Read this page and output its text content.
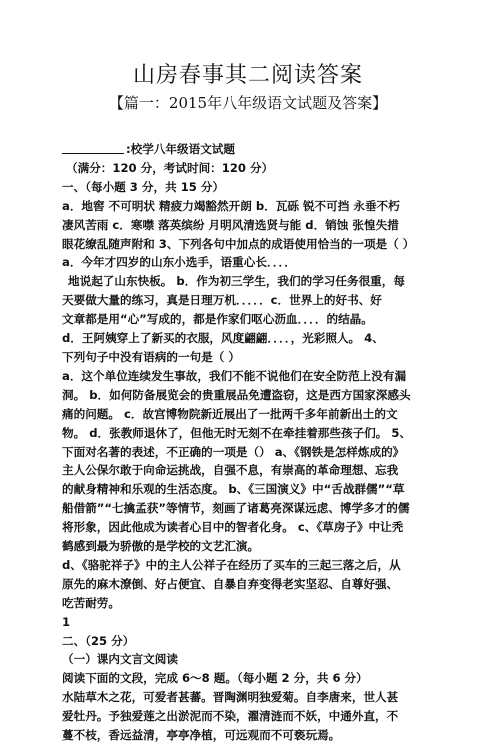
山房春事其二阅读答案
【篇一：2015年八年级语文试题及答案】
:校学八年级语文试题
（满分：120 分，考试时间：120 分）
一、（每小题 3 分，共 15 分）
a．地窖 不可明状 精疲力竭豁然开朗 b．瓦砾 锐不可挡 永垂不朽
凄风苦雨 c．寒噤 落英缤纷 月明风清选贤与能 d．销蚀 张惶失措
眼花缭乱随声附和 3、下列各句中加点的成语使用恰当的一项是（ ）
a．今年才四岁的山东小选手，语重心长．．．．
地说起了山东快板。 b．作为初三学生，我们的学习任务很重，每
天要做大量的练习，真是日理万机．．．．．c．世界上的好书、好
文章都是用“心”写成的，都是作家们呕心沥血．．．．的结晶。
d．王阿姨穿上了新买的衣服，风度翩翩．．．．，光彩照人。 4、
下列句子中没有语病的一句是（ ）
a．这个单位连续发生事故，我们不能不说他们在安全防范上没有漏
洞。 b．如何防备展览会的贵重展品免遭盗窃，这是西方国家深感头
痛的问题。 c．故宫博物院新近展出了一批两千多年前新出土的文
物。 d．张教师退休了，但他无时无刻不在牵挂着那些孩子们。 5、
下面对名著的表述，不正确的一项是（） a、《钢铁是怎样炼成的》
主人公保尔敢于向命运挑战，自强不息，有崇高的革命理想、忘我
的献身精神和乐观的生活态度。 b、《三国演义》中“舌战群儒”“草
船借箭”“七擒孟获”等情节，刻画了诸葛亮深谋远虑、博学多才的儒
将形象，因此他成为读者心目中的智者化身。 c、《草房子》中让秃
鹤感到最为骄傲的是学校的文艺汇演。
d、《骆驼祥子》中的主人公祥子在经历了买车的三起三落之后，从
原先的麻木潦倒、好占便宜、自暴自弃变得老实坚忍、自尊好强、
吃苦耐劳。
1
二、（25 分）
（一）课内文言文阅读
阅读下面的文段，完成 6～8 题。（每小题 2 分，共 6 分）
水陆草木之花，可爱者甚蕃。晋陶渊明独爱菊。自李唐来，世人甚
爱牡丹。予独爱莲之出淤泥而不染，濯清涟而不妖，中通外直，不
蔓不枝，香远益清，亭亭净植，可远观而不可亵玩焉。
